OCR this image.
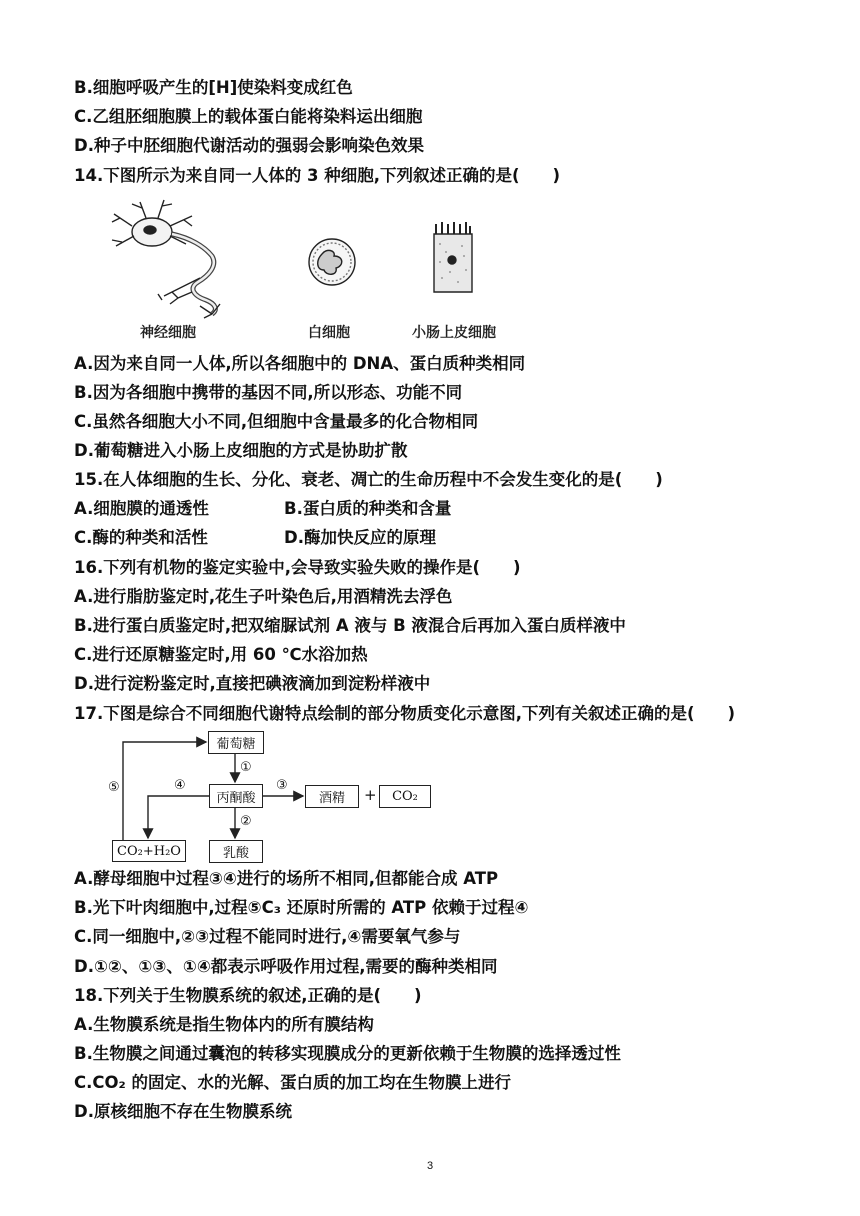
B.细胞呼吸产生的[H]使染料变成红色
C.乙组胚细胞膜上的载体蛋白能将染料运出细胞
D.种子中胚细胞代谢活动的强弱会影响染色效果
14.下图所示为来自同一人体的 3 种细胞,下列叙述正确的是(　　)
神经细胞	白细胞	小肠上皮细胞
A.因为来自同一人体,所以各细胞中的 DNA、蛋白质种类相同
B.因为各细胞中携带的基因不同,所以形态、功能不同
C.虽然各细胞大小不同,但细胞中含量最多的化合物相同
D.葡萄糖进入小肠上皮细胞的方式是协助扩散
15.在人体细胞的生长、分化、衰老、凋亡的生命历程中不会发生变化的是(　　)
A.细胞膜的通透性	B.蛋白质的种类和含量
C.酶的种类和活性	D.酶加快反应的原理
16.下列有机物的鉴定实验中,会导致实验失败的操作是(　　)
A.进行脂肪鉴定时,花生子叶染色后,用酒精洗去浮色
B.进行蛋白质鉴定时,把双缩脲试剂 A 液与 B 液混合后再加入蛋白质样液中
C.进行还原糖鉴定时,用 60 ℃水浴加热
D.进行淀粉鉴定时,直接把碘液滴加到淀粉样液中
17.下图是综合不同细胞代谢特点绘制的部分物质变化示意图,下列有关叙述正确的是(　　)
葡萄糖
丙酮酸	酒精	+	CO₂
CO₂+H₂O	乳酸
①
②
③
④
⑤
A.酵母细胞中过程③④进行的场所不相同,但都能合成 ATP
B.光下叶肉细胞中,过程⑤C₃ 还原时所需的 ATP 依赖于过程④
C.同一细胞中,②③过程不能同时进行,④需要氧气参与
D.①②、①③、①④都表示呼吸作用过程,需要的酶种类相同
18.下列关于生物膜系统的叙述,正确的是(　　)
A.生物膜系统是指生物体内的所有膜结构
B.生物膜之间通过囊泡的转移实现膜成分的更新依赖于生物膜的选择透过性
C.CO₂ 的固定、水的光解、蛋白质的加工均在生物膜上进行
D.原核细胞不存在生物膜系统
3
